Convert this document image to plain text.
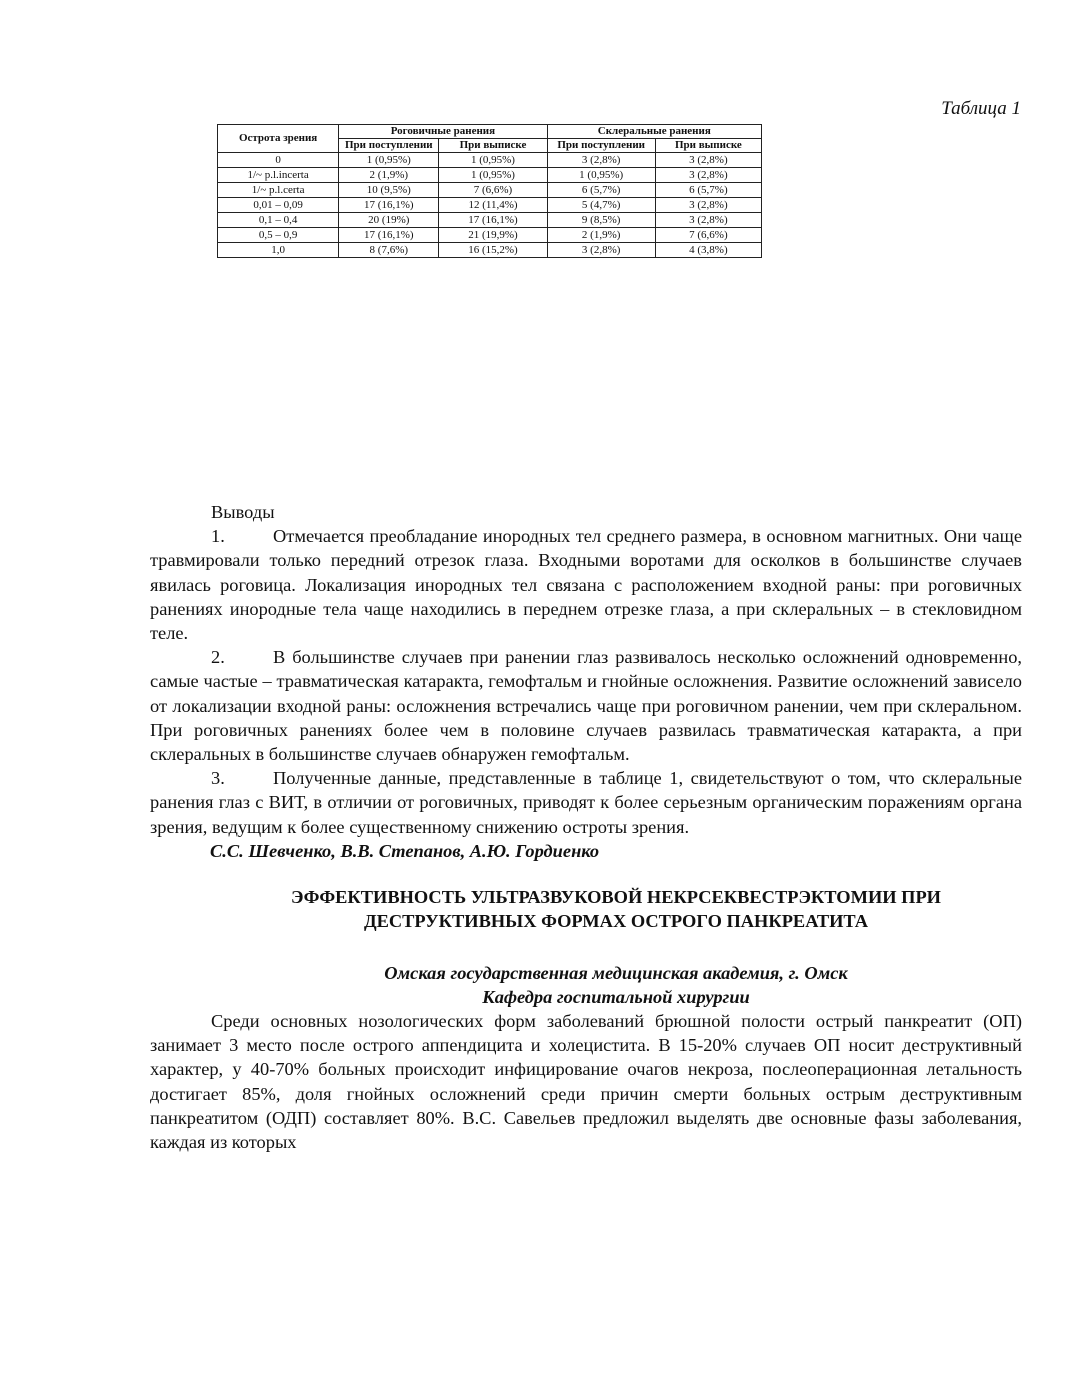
Таблица 1
Острота зрения	Роговичные ранения		Склеральные ранения	
	При поступлении	При выписке	При поступлении	При выписке
0	1 (0,95%)	1 (0,95%)	3 (2,8%)	3 (2,8%)
1/~ p.l.incerta	2 (1,9%)	1 (0,95%)	1 (0,95%)	3 (2,8%)
1/~ p.l.certa	10 (9,5%)	7 (6,6%)	6 (5,7%)	6 (5,7%)
0,01 – 0,09	17 (16,1%)	12 (11,4%)	5 (4,7%)	3 (2,8%)
0,1 – 0,4	20 (19%)	17 (16,1%)	9 (8,5%)	3 (2,8%)
0,5 – 0,9	17 (16,1%)	21 (19,9%)	2 (1,9%)	7 (6,6%)
1,0	8 (7,6%)	16 (15,2%)	3 (2,8%)	4 (3,8%)

Выводы

1.	Отмечается преобладание инородных тел среднего размера, в основном магнитных. Они чаще травмировали только передний отрезок глаза. Входными воротами для осколков в большинстве случаев явилась роговица. Локализация инородных тел связана с расположением входной раны: при роговичных ранениях инородные тела чаще находились в переднем отрезке глаза, а при склеральных – в стекловидном теле.

2.	В большинстве случаев при ранении глаз развивалось несколько осложнений одновременно, самые частые – травматическая катаракта, гемофтальм и гнойные осложнения. Развитие осложнений зависело от локализации входной раны: осложнения встречались чаще при роговичном ранении, чем при склеральном. При роговичных ранениях более чем в половине случаев развилась травматическая катаракта, а при склеральных в большинстве случаев обнаружен гемофтальм.

3.	Полученные данные, представленные в таблице 1, свидетельствуют о том, что склеральные ранения глаз с ВИТ, в отличии от роговичных, приводят к более серьезным органическим поражениям органа зрения, ведущим к более существенному снижению остроты зрения.

С.С. Шевченко, В.В. Степанов, А.Ю. Гордиенко

ЭФФЕКТИВНОСТЬ УЛЬТРАЗВУКОВОЙ НЕКРСЕКВЕСТРЭКТОМИИ ПРИ
ДЕСТРУКТИВНЫХ ФОРМАХ ОСТРОГО ПАНКРЕАТИТА
Омская государственная медицинская академия, г. Омск
Кафедра госпитальной хирургии

Среди основных нозологических форм заболеваний брюшной полости острый панкреатит (ОП) занимает 3 место после острого аппендицита и холецистита. В 15-20% случаев ОП носит деструктивный характер, у 40-70% больных происходит инфицирование очагов некроза, послеоперационная летальность достигает 85%, доля гнойных осложнений среди причин смерти больных острым деструктивным панкреатитом (ОДП) составляет 80%. В.С. Савельев предложил выделять две основные фазы заболевания, каждая из которых
